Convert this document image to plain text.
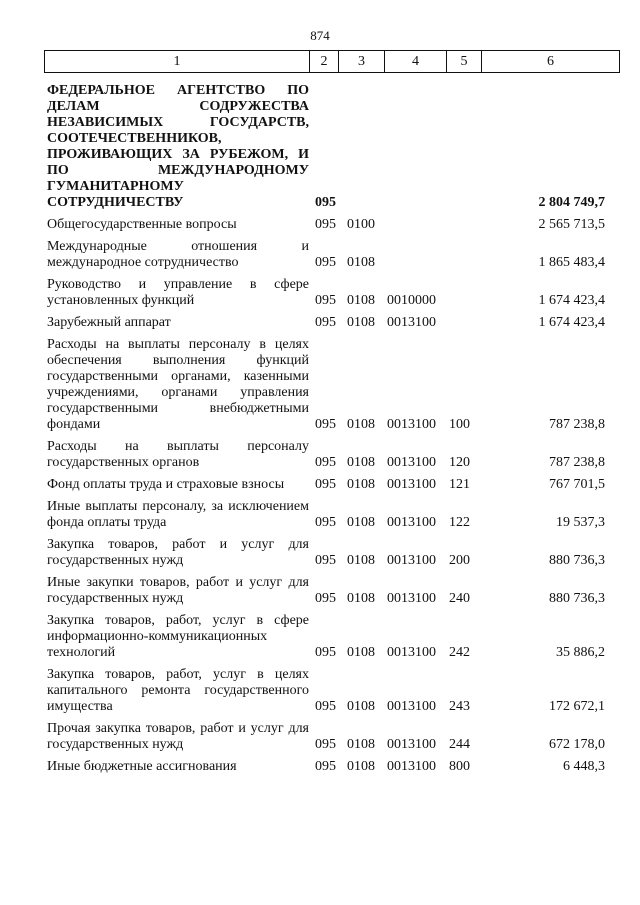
874
1	2	3	4	5	6
ФЕДЕРАЛЬНОЕ АГЕНТСТВО ПО ДЕЛАМ СОДРУЖЕСТВА НЕЗАВИСИМЫХ ГОСУДАРСТВ, СООТЕЧЕСТВЕННИКОВ, ПРОЖИВАЮЩИХ ЗА РУБЕЖОМ, И ПО МЕЖДУНАРОДНОМУ ГУМАНИТАРНОМУ СОТРУДНИЧЕСТВУ	095	2 804 749,7
Общегосударственные вопросы	095 0100	2 565 713,5
Международные отношения и международное сотрудничество	095 0108	1 865 483,4
Руководство и управление в сфере установленных функций	095 0108 0010000	1 674 423,4
Зарубежный аппарат	095 0108 0013100	1 674 423,4
Расходы на выплаты персоналу в целях обеспечения выполнения функций государственными органами, казенными учреждениями, органами управления государственными внебюджетными фондами	095 0108 0013100 100	787 238,8
Расходы на выплаты персоналу государственных органов	095 0108 0013100 120	787 238,8
Фонд оплаты труда и страховые взносы	095 0108 0013100 121	767 701,5
Иные выплаты персоналу, за исключением фонда оплаты труда	095 0108 0013100 122	19 537,3
Закупка товаров, работ и услуг для государственных нужд	095 0108 0013100 200	880 736,3
Иные закупки товаров, работ и услуг для государственных нужд	095 0108 0013100 240	880 736,3
Закупка товаров, работ, услуг в сфере информационно-коммуникационных технологий	095 0108 0013100 242	35 886,2
Закупка товаров, работ, услуг в целях капитального ремонта государственного имущества	095 0108 0013100 243	172 672,1
Прочая закупка товаров, работ и услуг для государственных нужд	095 0108 0013100 244	672 178,0
Иные бюджетные ассигнования	095 0108 0013100 800	6 448,3
